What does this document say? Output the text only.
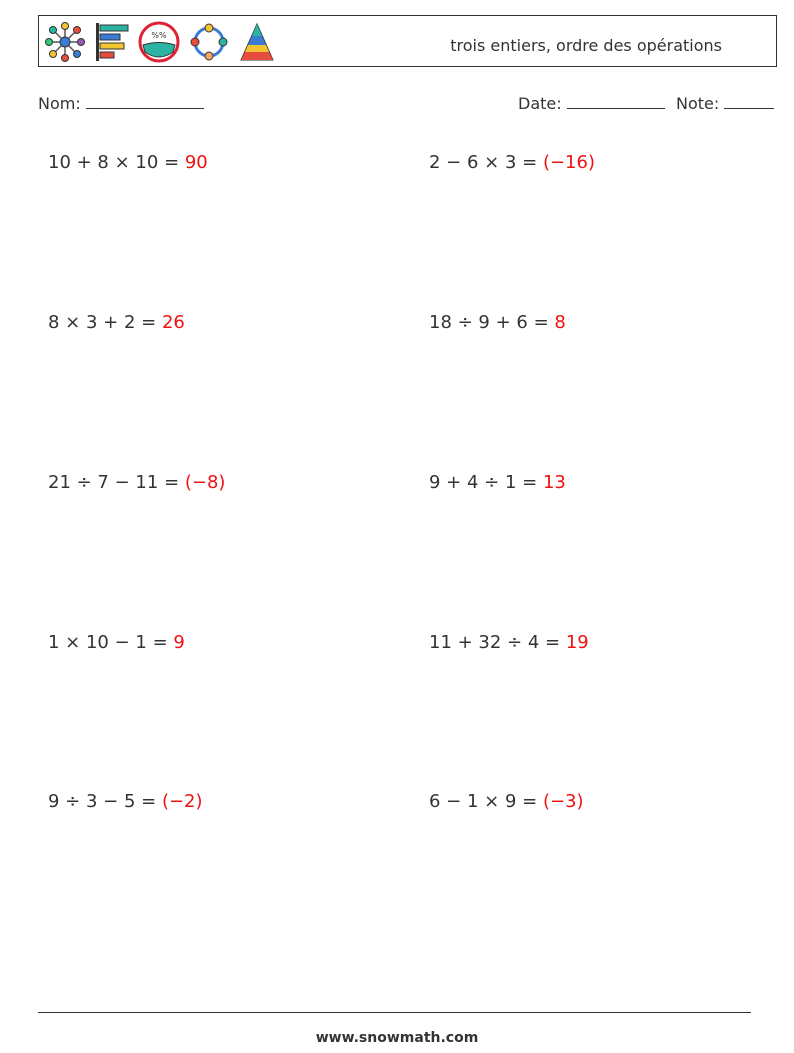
%%
trois entiers, ordre des opérations
Nom:	Date:	Note:
10 + 8 × 10 = 90	2 − 6 × 3 = (−16)
8 × 3 + 2 = 26	18 ÷ 9 + 6 = 8
21 ÷ 7 − 11 = (−8)	9 + 4 ÷ 1 = 13
1 × 10 − 1 = 9	11 + 32 ÷ 4 = 19
9 ÷ 3 − 5 = (−2)	6 − 1 × 9 = (−3)
www.snowmath.com
